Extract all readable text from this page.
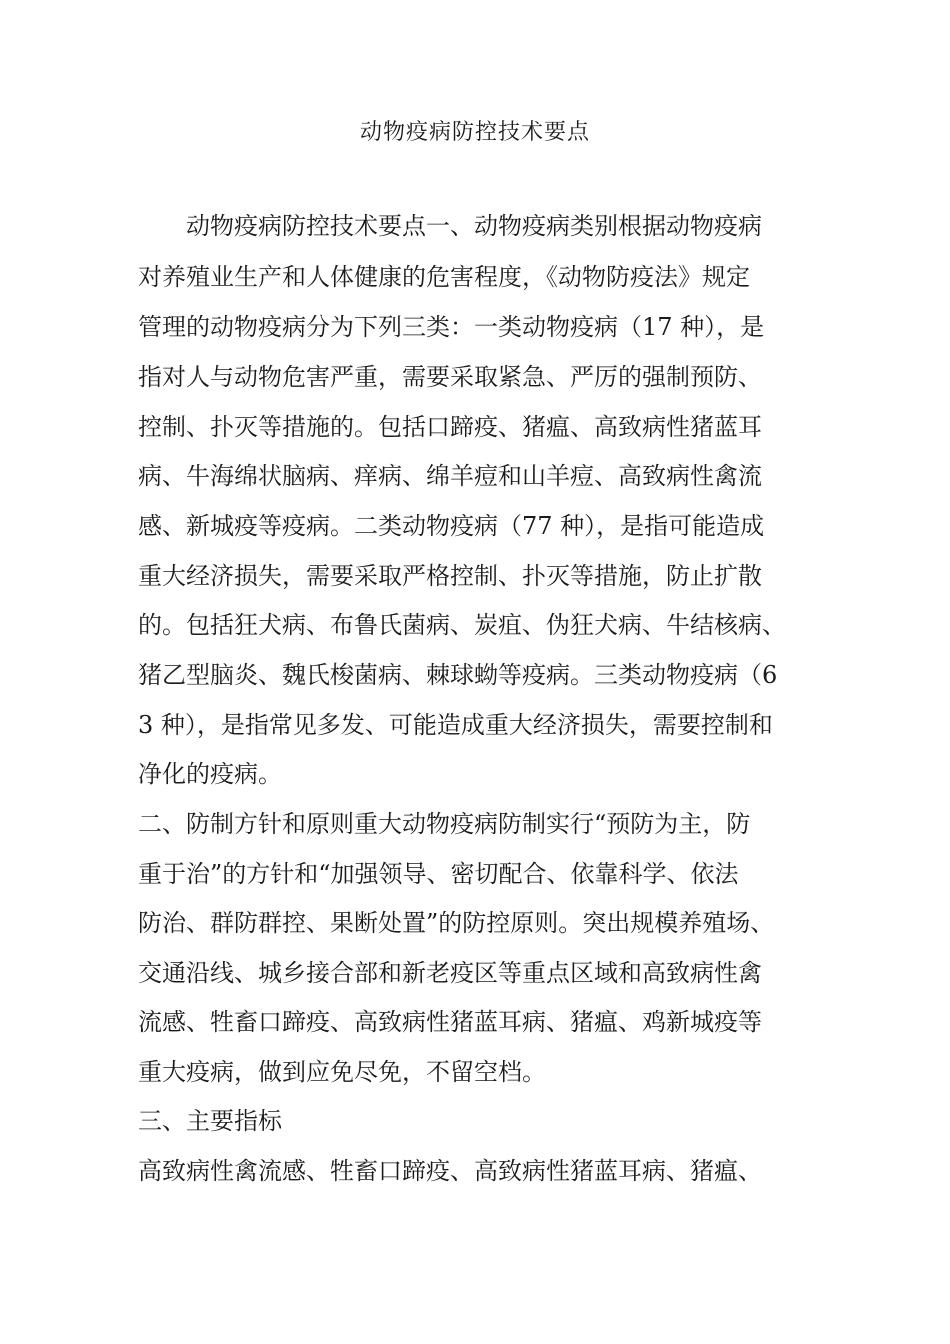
动物疫病防控技术要点

　　动物疫病防控技术要点一、动物疫病类别根据动物疫病

对养殖业生产和人体健康的危害程度，《动物防疫法》规定

管理的动物疫病分为下列三类：一类动物疫病（17 种），是

指对人与动物危害严重，需要采取紧急、严厉的强制预防、

控制、扑灭等措施的。包括口蹄疫、猪瘟、高致病性猪蓝耳

病、牛海绵状脑病、痒病、绵羊痘和山羊痘、高致病性禽流

感、新城疫等疫病。二类动物疫病（77 种），是指可能造成

重大经济损失，需要采取严格控制、扑灭等措施，防止扩散

的。包括狂犬病、布鲁氏菌病、炭疽、伪狂犬病、牛结核病、

猪乙型脑炎、魏氏梭菌病、棘球蚴等疫病。三类动物疫病（6

3 种），是指常见多发、可能造成重大经济损失，需要控制和

净化的疫病。

二、防制方针和原则重大动物疫病防制实行“预防为主，防

重于治”的方针和“加强领导、密切配合、依靠科学、依法

防治、群防群控、果断处置”的防控原则。突出规模养殖场、

交通沿线、城乡接合部和新老疫区等重点区域和高致病性禽

流感、牲畜口蹄疫、高致病性猪蓝耳病、猪瘟、鸡新城疫等

重大疫病，做到应免尽免，不留空档。

三、主要指标

高致病性禽流感、牲畜口蹄疫、高致病性猪蓝耳病、猪瘟、
